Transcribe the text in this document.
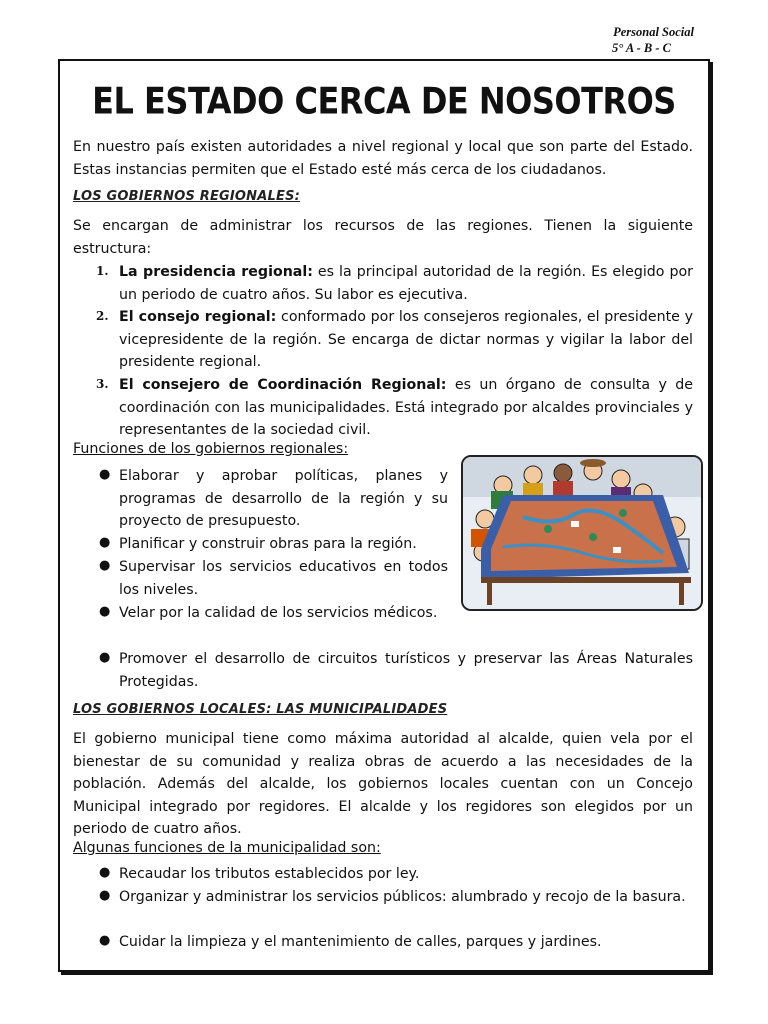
Personal Social
5° A - B - C
EL ESTADO CERCA DE NOSOTROS

En nuestro país existen autoridades a nivel regional y local que son parte del Estado. Estas instancias permiten que el Estado esté más cerca de los ciudadanos.

LOS GOBIERNOS REGIONALES:

Se encargan de administrar los recursos de las regiones. Tienen la siguiente estructura:

1. La presidencia regional: es la principal autoridad de la región. Es elegido por un periodo de cuatro años. Su labor es ejecutiva.

2. El consejo regional: conformado por los consejeros regionales, el presidente y vicepresidente de la región. Se encarga de dictar normas y vigilar la labor del presidente regional.

3. El consejero de Coordinación Regional: es un órgano de consulta y de coordinación con las municipalidades. Está integrado por alcaldes provinciales y representantes de la sociedad civil.

Funciones de los gobiernos regionales:
● Elaborar y aprobar políticas, planes y programas de desarrollo de la región y su proyecto de presupuesto.

● Planificar y construir obras para la región.

● Supervisar los servicios educativos en todos los niveles.

● Velar por la calidad de los servicios médicos.

● Promover el desarrollo de circuitos turísticos y preservar las Áreas Naturales Protegidas.

LOS GOBIERNOS LOCALES: LAS MUNICIPALIDADES

El gobierno municipal tiene como máxima autoridad al alcalde, quien vela por el bienestar de su comunidad y realiza obras de acuerdo a las necesidades de la población. Además del alcalde, los gobiernos locales cuentan con un Concejo Municipal integrado por regidores. El alcalde y los regidores son elegidos por un periodo de cuatro años.

Algunas funciones de la municipalidad son:
● Recaudar los tributos establecidos por ley.

● Organizar y administrar los servicios públicos: alumbrado y recojo de la basura.

● Cuidar la limpieza y el mantenimiento de calles, parques y jardines.
